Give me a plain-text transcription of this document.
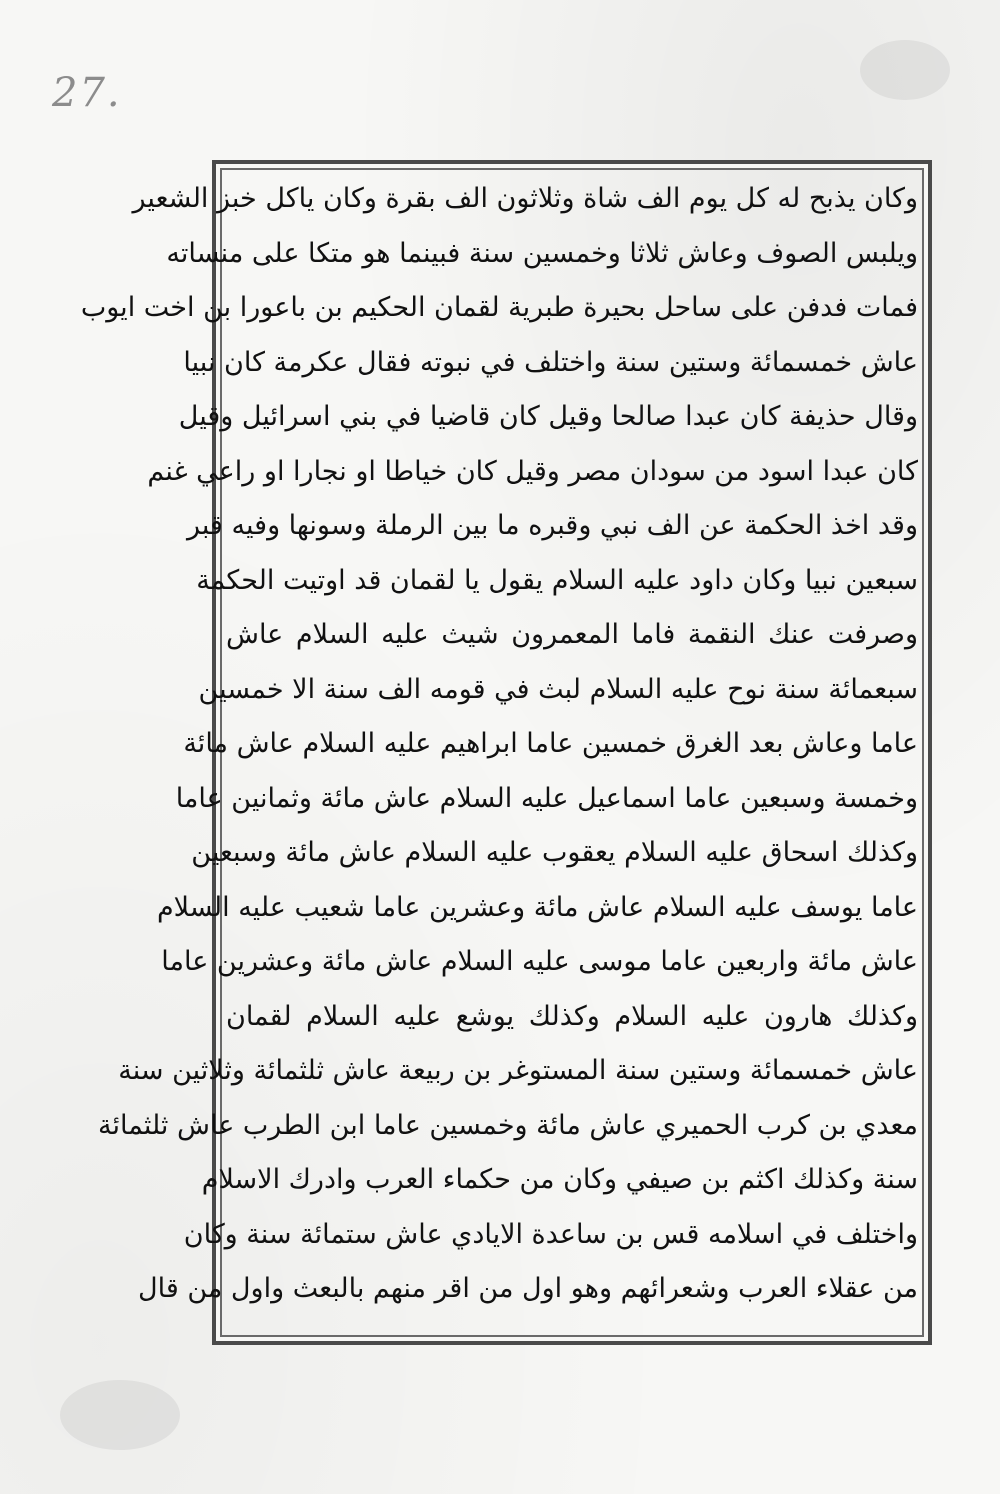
27.
وكان يذبح له كل يوم الف شاة وثلاثون الف بقرة وكان ياكل خبز الشعير
ويلبس الصوف وعاش ثلاثا وخمسين سنة فبينما هو متكا على منساته
فمات فدفن على ساحل بحيرة طبرية لقمان الحكيم بن باعورا بن اخت ايوب
عاش خمسمائة وستين سنة واختلف في نبوته فقال عكرمة كان نبيا
وقال حذيفة كان عبدا صالحا وقيل كان قاضيا في بني اسرائيل وقيل
كان عبدا اسود من سودان مصر وقيل كان خياطا او نجارا او راعي غنم
وقد اخذ الحكمة عن الف نبي وقبره ما بين الرملة وسونها وفيه قبر
سبعين نبيا وكان داود عليه السلام يقول يا لقمان قد اوتيت الحكمة
وصرفت عنك النقمة فاما المعمرون شيث عليه السلام عاش
سبعمائة سنة نوح عليه السلام لبث في قومه الف سنة الا خمسين
عاما وعاش بعد الغرق خمسين عاما ابراهيم عليه السلام عاش مائة
وخمسة وسبعين عاما اسماعيل عليه السلام عاش مائة وثمانين عاما
وكذلك اسحاق عليه السلام يعقوب عليه السلام عاش مائة وسبعين
عاما يوسف عليه السلام عاش مائة وعشرين عاما شعيب عليه السلام
عاش مائة واربعين عاما موسى عليه السلام عاش مائة وعشرين عاما
وكذلك هارون عليه السلام وكذلك يوشع عليه السلام لقمان
عاش خمسمائة وستين سنة المستوغر بن ربيعة عاش ثلثمائة وثلاثين سنة
معدي بن كرب الحميري عاش مائة وخمسين عاما ابن الطرب عاش ثلثمائة
سنة وكذلك اكثم بن صيفي وكان من حكماء العرب وادرك الاسلام
واختلف في اسلامه قس بن ساعدة الايادي عاش ستمائة سنة وكان
من عقلاء العرب وشعرائهم وهو اول من اقر منهم بالبعث واول من قال
